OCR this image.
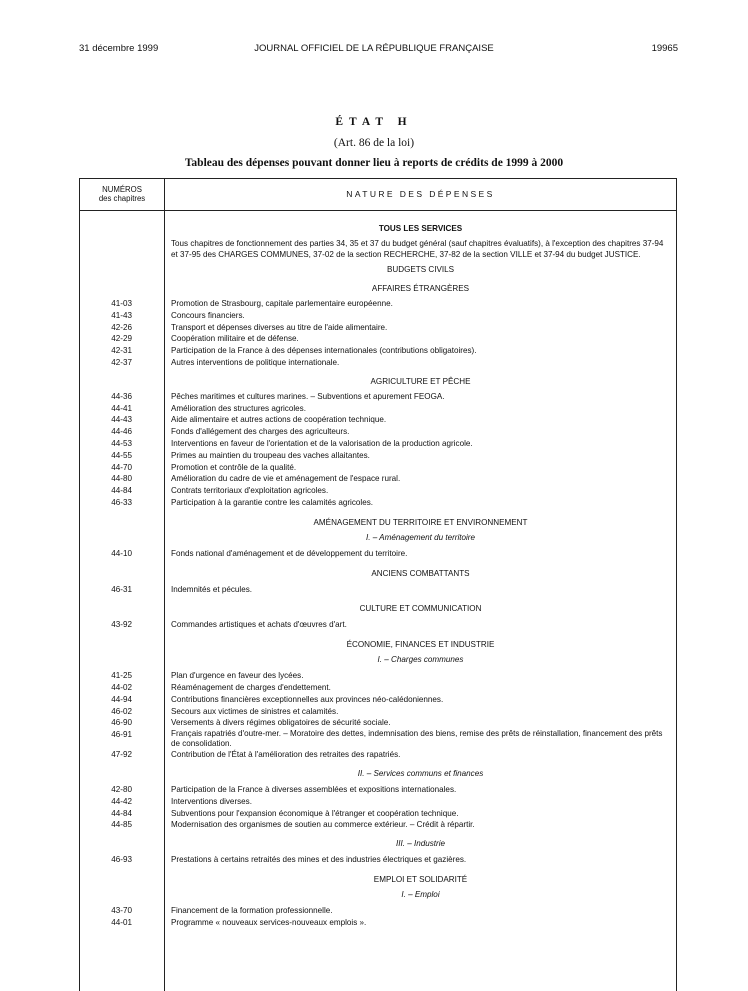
31 décembre 1999	JOURNAL OFFICIEL DE LA RÉPUBLIQUE FRANÇAISE	19965
ÉTAT H
(Art. 86 de la loi)
Tableau des dépenses pouvant donner lieu à reports de crédits de 1999 à 2000
NUMÉROS
des chapitres	NATURE DES DÉPENSES
TOUS LES SERVICES
Tous chapitres de fonctionnement des parties 34, 35 et 37 du budget général (sauf chapitres évaluatifs), à l'exception des chapitres 37-94 et 37-95 des CHARGES COMMUNES, 37-02 de la section RECHERCHE, 37-82 de la section VILLE et 37-94 du budget JUSTICE.
BUDGETS CIVILS
AFFAIRES ÉTRANGÈRES
41-03	Promotion de Strasbourg, capitale parlementaire européenne.
41-43	Concours financiers.
42-26	Transport et dépenses diverses au titre de l'aide alimentaire.
42-29	Coopération militaire et de défense.
42-31	Participation de la France à des dépenses internationales (contributions obligatoires).
42-37	Autres interventions de politique internationale.
AGRICULTURE ET PÊCHE
44-36	Pêches maritimes et cultures marines. – Subventions et apurement FEOGA.
44-41	Amélioration des structures agricoles.
44-43	Aide alimentaire et autres actions de coopération technique.
44-46	Fonds d'allégement des charges des agriculteurs.
44-53	Interventions en faveur de l'orientation et de la valorisation de la production agricole.
44-55	Primes au maintien du troupeau des vaches allaitantes.
44-70	Promotion et contrôle de la qualité.
44-80	Amélioration du cadre de vie et aménagement de l'espace rural.
44-84	Contrats territoriaux d'exploitation agricoles.
46-33	Participation à la garantie contre les calamités agricoles.
AMÉNAGEMENT DU TERRITOIRE ET ENVIRONNEMENT
I. – Aménagement du territoire
44-10	Fonds national d'aménagement et de développement du territoire.
ANCIENS COMBATTANTS
46-31	Indemnités et pécules.
CULTURE ET COMMUNICATION
43-92	Commandes artistiques et achats d'œuvres d'art.
ÉCONOMIE, FINANCES ET INDUSTRIE
I. – Charges communes
41-25	Plan d'urgence en faveur des lycées.
44-02	Réaménagement de charges d'endettement.
44-94	Contributions financières exceptionnelles aux provinces néo-calédoniennes.
46-02	Secours aux victimes de sinistres et calamités.
46-90	Versements à divers régimes obligatoires de sécurité sociale.
46-91	Français rapatriés d'outre-mer. – Moratoire des dettes, indemnisation des biens, remise des prêts de réinstallation, financement des prêts de consolidation.
47-92	Contribution de l'État à l'amélioration des retraites des rapatriés.
II. – Services communs et finances
42-80	Participation de la France à diverses assemblées et expositions internationales.
44-42	Interventions diverses.
44-84	Subventions pour l'expansion économique à l'étranger et coopération technique.
44-85	Modernisation des organismes de soutien au commerce extérieur. – Crédit à répartir.
III. – Industrie
46-93	Prestations à certains retraités des mines et des industries électriques et gazières.
EMPLOI ET SOLIDARITÉ
I. – Emploi
43-70	Financement de la formation professionnelle.
44-01	Programme « nouveaux services-nouveaux emplois ».
